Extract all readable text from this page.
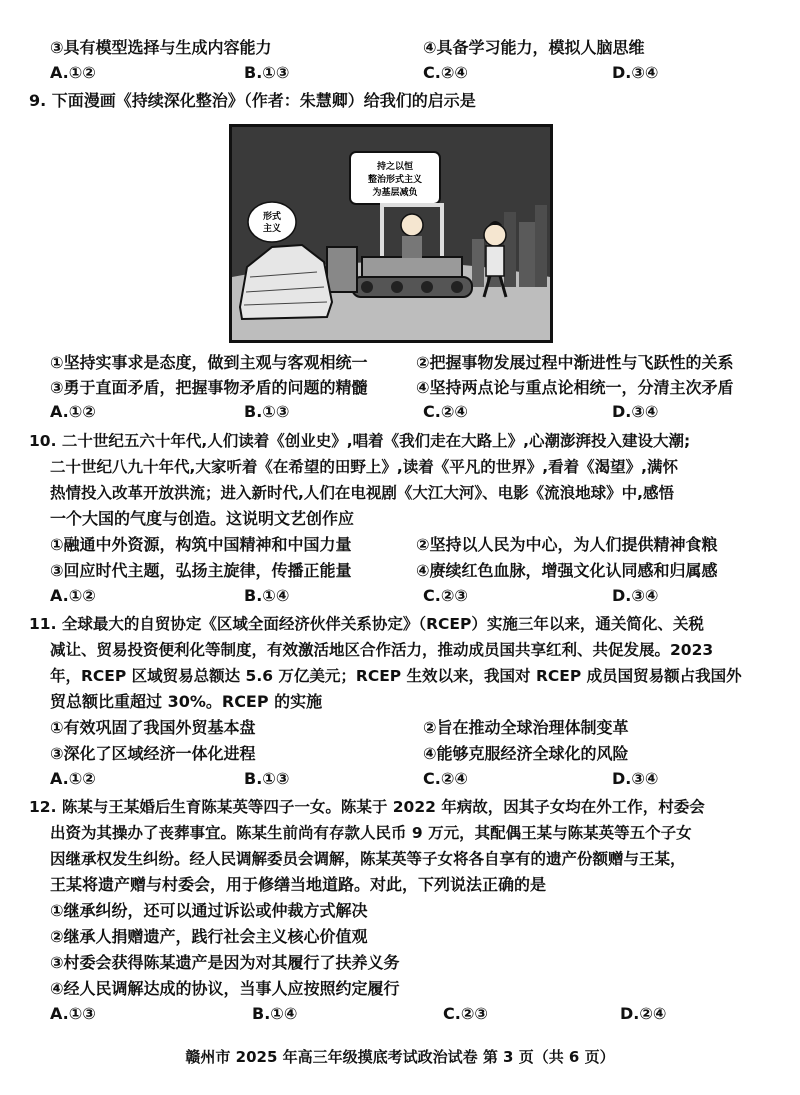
③具有模型选择与生成内容能力	④具备学习能力，模拟人脑思维
A.①②	B.①③	C.②④	D.③④
9. 下面漫画《持续深化整治》（作者：朱慧卿）给我们的启示是
持之以恒
整治形式主义
为基层减负
形式
主义
①坚持实事求是态度，做到主观与客观相统一	②把握事物发展过程中渐进性与飞跃性的关系
③勇于直面矛盾，把握事物矛盾的问题的精髓	④坚持两点论与重点论相统一，分清主次矛盾
A.①②	B.①③	C.②④	D.③④
10. 二十世纪五六十年代,人们读着《创业史》,唱着《我们走在大路上》,心潮澎湃投入建设大潮;
二十世纪八九十年代,大家听着《在希望的田野上》,读着《平凡的世界》,看着《渴望》,满怀
热情投入改革开放洪流；进入新时代,人们在电视剧《大江大河》、电影《流浪地球》中,感悟
一个大国的气度与创造。这说明文艺创作应
①融通中外资源，构筑中国精神和中国力量	②坚持以人民为中心，为人们提供精神食粮
③回应时代主题，弘扬主旋律，传播正能量	④赓续红色血脉，增强文化认同感和归属感
A.①②	B.①④	C.②③	D.③④
11. 全球最大的自贸协定《区域全面经济伙伴关系协定》（RCEP）实施三年以来，通关简化、关税
减让、贸易投资便利化等制度，有效激活地区合作活力，推动成员国共享红利、共促发展。2023
年，RCEP 区域贸易总额达 5.6 万亿美元；RCEP 生效以来，我国对 RCEP 成员国贸易额占我国外
贸总额比重超过 30%。RCEP 的实施
①有效巩固了我国外贸基本盘	②旨在推动全球治理体制变革
③深化了区域经济一体化进程	④能够克服经济全球化的风险
A.①②	B.①③	C.②④	D.③④
12. 陈某与王某婚后生育陈某英等四子一女。陈某于 2022 年病故，因其子女均在外工作，村委会
出资为其操办了丧葬事宜。陈某生前尚有存款人民币 9 万元，其配偶王某与陈某英等五个子女
因继承权发生纠纷。经人民调解委员会调解，陈某英等子女将各自享有的遗产份额赠与王某，
王某将遗产赠与村委会，用于修缮当地道路。对此，下列说法正确的是
①继承纠纷，还可以通过诉讼或仲裁方式解决
②继承人捐赠遗产，践行社会主义核心价值观
③村委会获得陈某遗产是因为对其履行了扶养义务
④经人民调解达成的协议，当事人应按照约定履行
A.①③	B.①④	C.②③	D.②④
赣州市 2025 年高三年级摸底考试政治试卷 第 3 页（共 6 页）
